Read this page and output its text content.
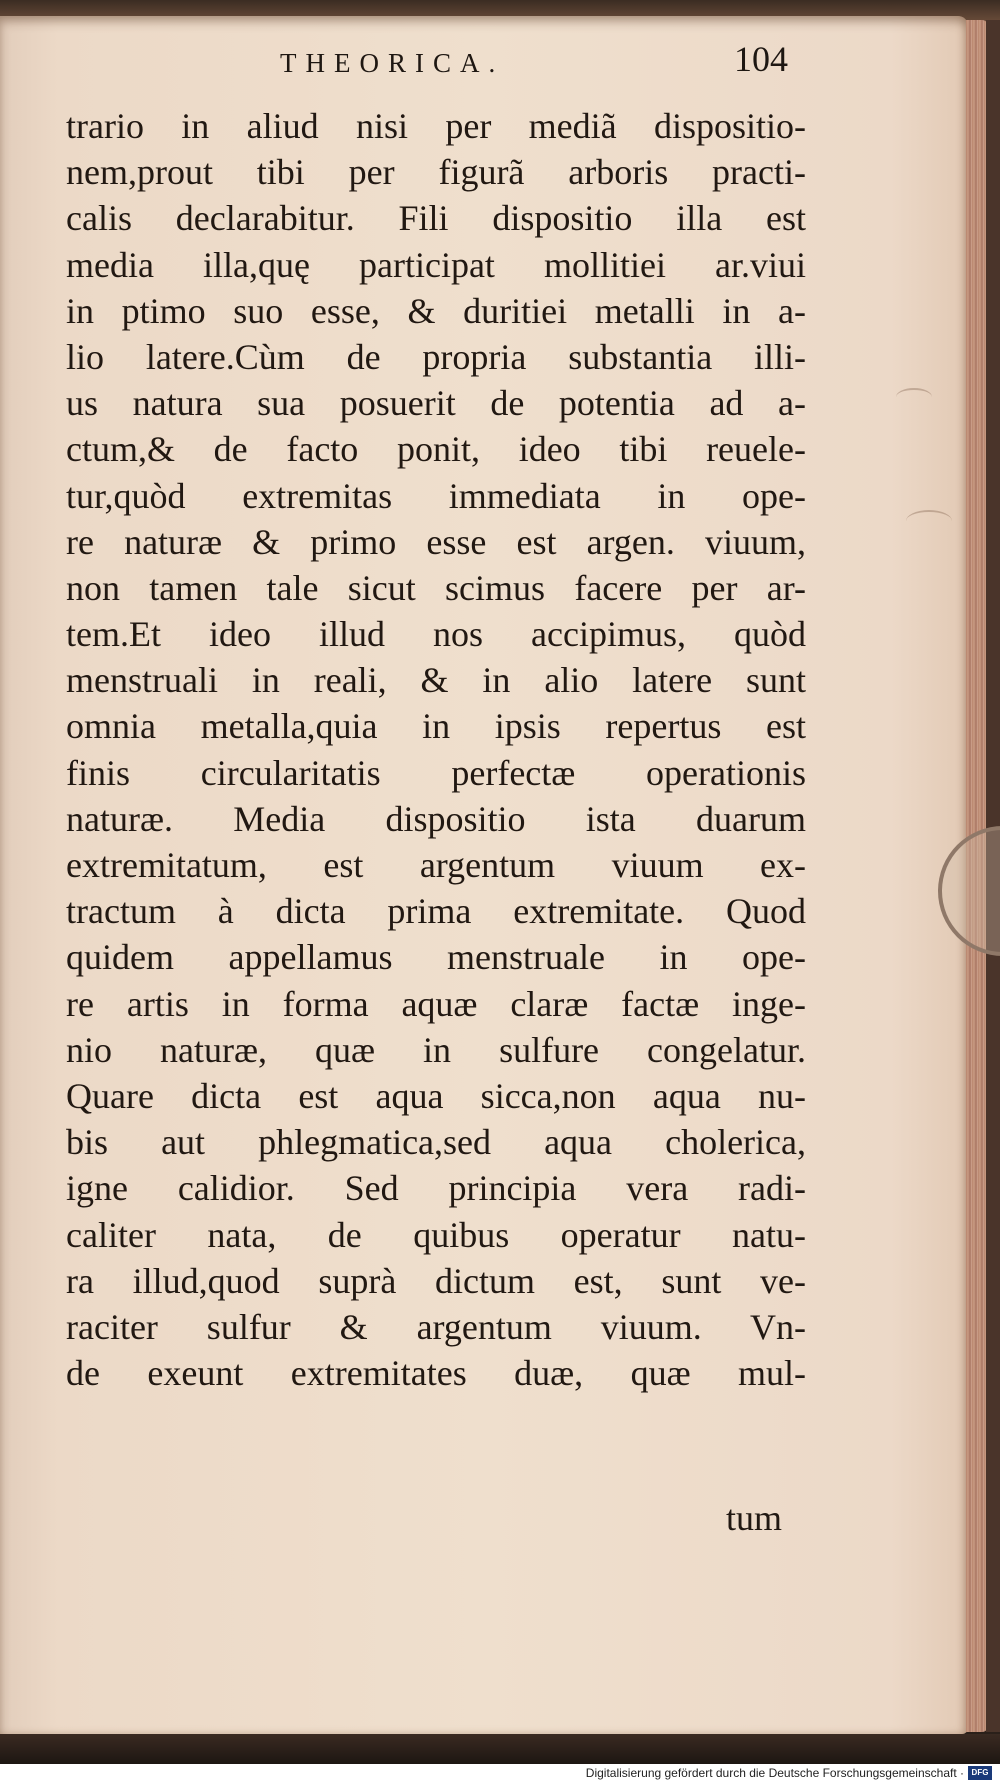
THEORICA.	104
trario in aliud nisi per mediã dispositio-
nem,prout tibi per figurã arboris practi-
calis declarabitur. Fili dispositio illa est
media illa,quę participat mollitiei ar.viui
in ptimo suo esse, & duritiei metalli in a-
lio latere.Cùm de propria substantia illi-
us natura sua posuerit de potentia ad a-
ctum,& de facto ponit, ideo tibi reuele-
tur,quòd extremitas immediata in ope-
re naturæ & primo esse est argen. viuum,
non tamen tale sicut scimus facere per ar-
tem.Et ideo illud nos accipimus, quòd
menstruali in reali, & in alio latere sunt
omnia metalla,quia in ipsis repertus est
finis circularitatis perfectæ operationis
naturæ. Media dispositio ista duarum
extremitatum, est argentum viuum ex-
tractum à dicta prima extremitate. Quod
quidem appellamus menstruale in ope-
re artis in forma aquæ claræ factæ inge-
nio naturæ, quæ in sulfure congelatur.
Quare dicta est aqua sicca,non aqua nu-
bis aut phlegmatica,sed aqua cholerica,
igne calidior. Sed principia vera radi-
caliter nata, de quibus operatur natu-
ra illud,quod suprà dictum est, sunt ve-
raciter sulfur & argentum viuum. Vn-
de exeunt extremitates duæ, quæ mul-
tum
Digitalisierung gefördert durch die Deutsche Forschungsgemeinschaft · DFG
